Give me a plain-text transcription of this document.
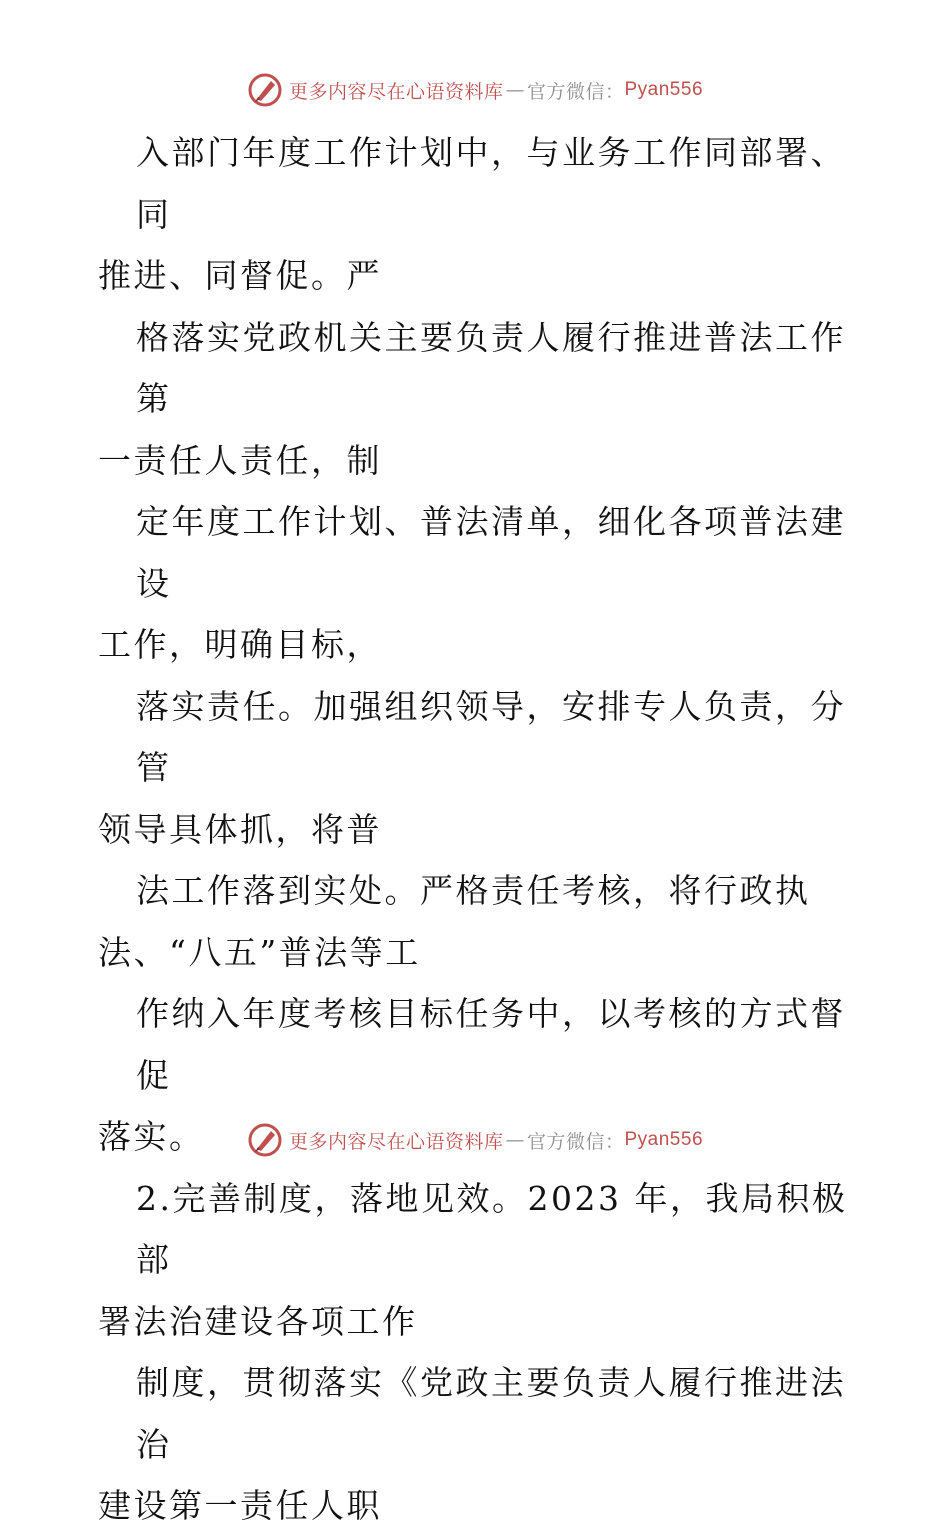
更多内容尽在心语资料库 — 官方微信： Pyan556

入部门年度工作计划中，与业务工作同部署、同
推进、同督促。严

格落实党政机关主要负责人履行推进普法工作第
一责任人责任，制

定年度工作计划、普法清单，细化各项普法建设
工作，明确目标，

落实责任。加强组织领导，安排专人负责，分管
领导具体抓，将普

法工作落到实处。严格责任考核，将行政执
法、“八五”普法等工

作纳入年度考核目标任务中，以考核的方式督促
落实。

2.完善制度，落地见效。2023 年，我局积极部
署法治建设各项工作

制度，贯彻落实《党政主要负责人履行推进法治
建设第一责任人职

更多内容尽在心语资料库 — 官方微信： Pyan556
